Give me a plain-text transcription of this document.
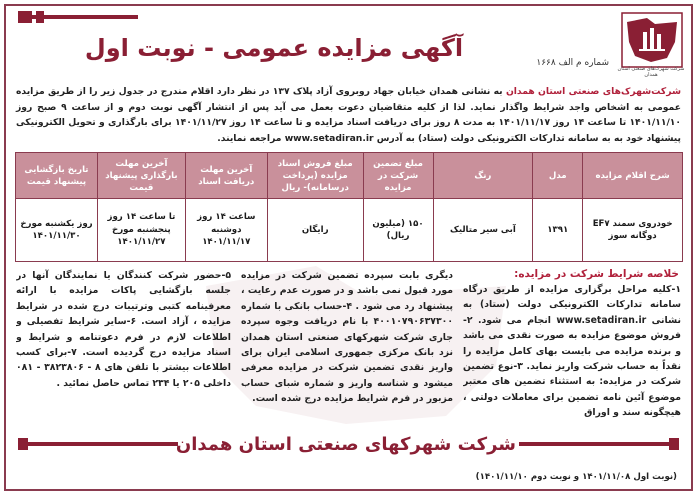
آگهی مزایده عمومی - نوبت اول
شماره م الف ۱۶۶۸
شرکت شهرک‌های صنعتی استان همدان
شرکت‌شهرک‌های صنعتی استان همدان به نشانی همدان خیابان جهاد روبروی آزاد پلاک ۱۳۷ در نظر دارد اقلام مندرج در جدول زیر را از طریق مزایده عمومی به اشخاص واجد شرایط واگذار نماید. لذا از کلیه متقاضیان دعوت بعمل می آید پس از انتشار آگهی نوبت دوم و از ساعت ۹ صبح روز ۱۴۰۱/۱۱/۱۰ تا ساعت ۱۴ روز ۱۴۰۱/۱۱/۱۷ به مدت ۸ روز برای دریافت اسناد مزایده و تا ساعت ۱۴ روز ۱۴۰۱/۱۱/۲۷ برای بارگذاری و تحویل الکترونیکی پیشنهاد خود به به سامانه تدارکات الکترونیکی دولت (ستاد) به آدرس www.setadiran.ir مراجعه نمایند.
شرح اقلام مزایده	مدل	رنگ	مبلغ تضمین شرکت در مزایده	مبلغ فروش اسناد مزایده (پرداخت درسامانه)- ریال	آخرین مهلت دریافت اسناد	آخرین مهلت بارگذاری پیشنهاد قیمت	تاریخ بازگشایی پیشنهاد قیمت
خودروی سمند EF۷ دوگانه سوز	۱۳۹۱	آبی سیر متالیک	۱۵۰ (میلیون ریال)	رایگان	ساعت ۱۴ روز دوشنبه ۱۴۰۱/۱۱/۱۷	تا ساعت ۱۴ روز پنجشنبه مورخ ۱۴۰۱/۱۱/۲۷	روز یکشنبه مورخ ۱۴۰۱/۱۱/۳۰
خلاصه شرایط شرکت در مزایده:
۱-کلیه مراحل برگزاری مزایده از طریق درگاه سامانه تدارکات الکترونیکی دولت (ستاد) به نشانی www.setadiran.ir انجام می شود. ۲-فروش موضوع مزایده به صورت نقدی می باشد و برنده مزایده می بایست بهای کامل مزایده را نقداً به حساب شرکت واریز نماید. ۳-نوع تضمین شرکت در مزایده: به استثناء تضمین های معتبر موضوع آئین نامه تضمین برای معاملات دولتی ، هیچگونه سند و اوراق
دیگری بابت سپرده تضمین شرکت در مزایده مورد قبول نمی باشد و در صورت عدم رعایت ، پیشنهاد رد می شود . ۴-حساب بانکی با شماره ۴۰۰۱۰۷۹۰۶۳۷۳۰۰ با نام دریافت وجوه سپرده جاری شرکت شهرکهای صنعتی استان همدان نزد بانک مرکزی جمهوری اسلامی ایران برای واریز نقدی تضمین شرکت در مزایده معرفی میشود و شناسه واریز و شماره شبای حساب مزبور در فرم شرایط مزایده درج شده است.
۵-حضور شرکت کنندگان یا نمایندگان آنها در جلسه بازگشایی پاکات مزایده با ارائه معرفینامه کتبی وترتیبات درج شده در شرایط مزایده ، آزاد است. ۶-سایر شرایط تفصیلی و اطلاعات لازم در فرم دعوتنامه و شرایط و اسناد مزایده درج گردیده است. ۷-برای کسب اطلاعات بیشتر با تلفن های ۸ - ۳۸۲۳۸۰۶ - ۰۸۱ داخلی ۲۰۵ یا ۲۳۴ تماس حاصل نمائید .
شرکت شهرکهای صنعتی استان همدان
(نوبت اول ۱۴۰۱/۱۱/۰۸ و نوبت دوم ۱۴۰۱/۱۱/۱۰)
